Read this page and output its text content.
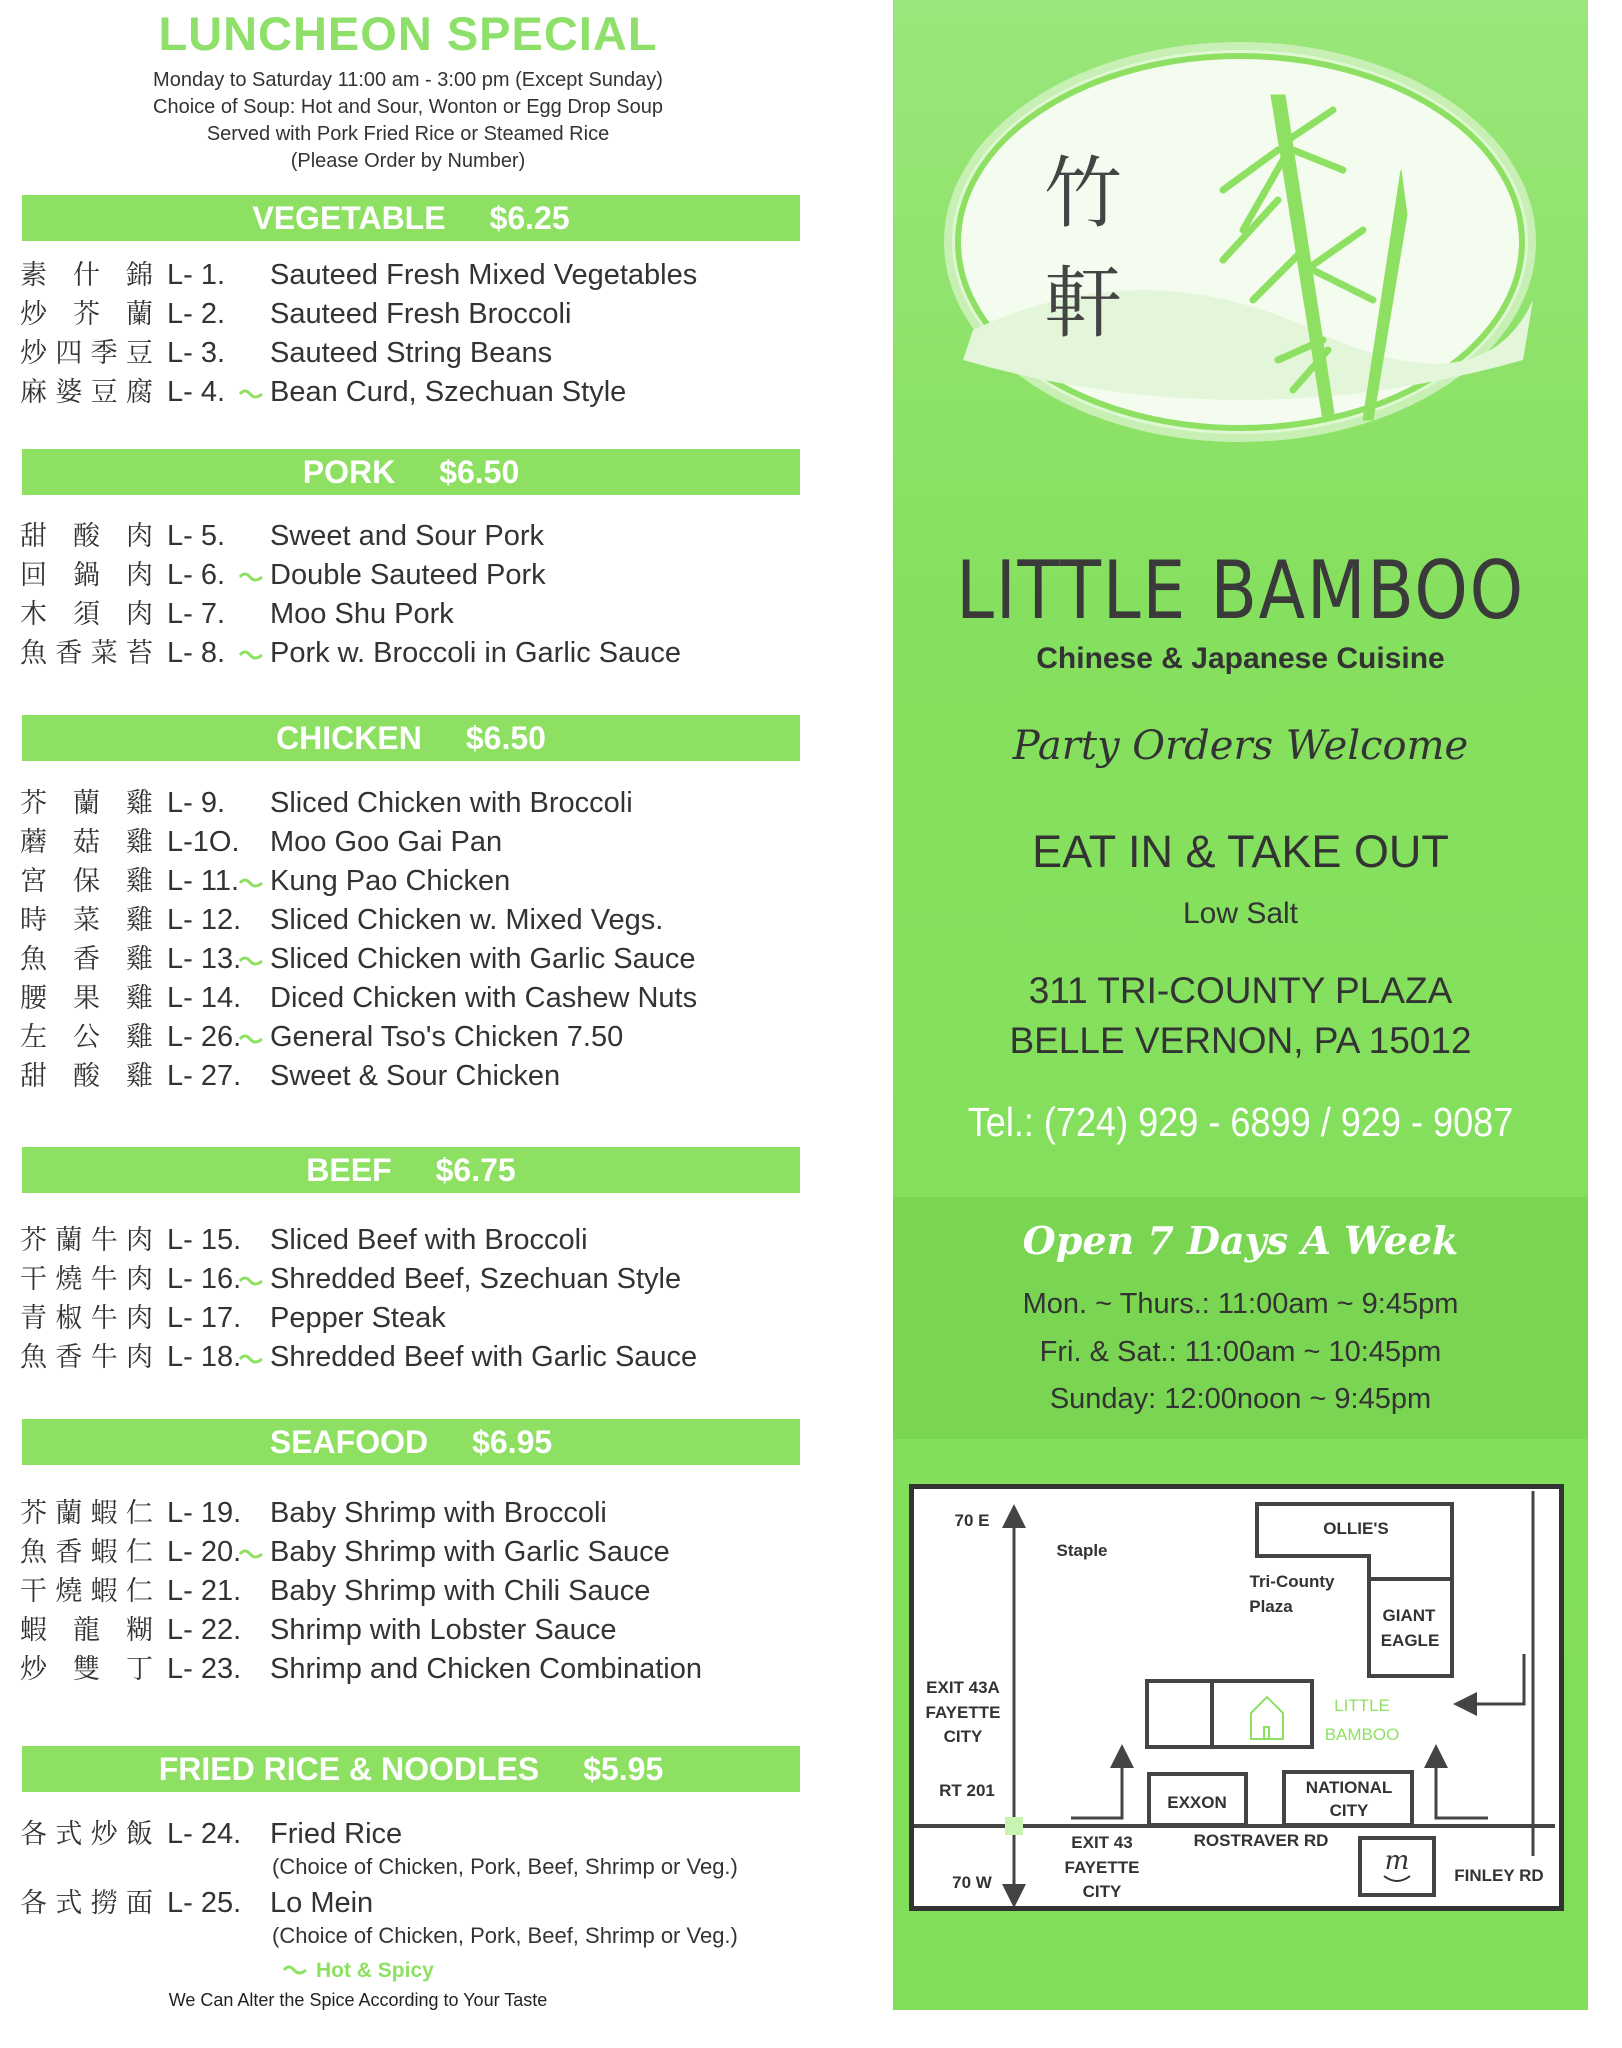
LUNCHEON SPECIAL
Monday to Saturday 11:00 am - 3:00 pm (Except Sunday)
Choice of Soup: Hot and Sour, Wonton or Egg Drop Soup
Served with Pork Fried Rice or Steamed Rice
(Please Order by Number)
VEGETABLE $6.25
素什錦 L- 1. Sauteed Fresh Mixed Vegetables
炒芥蘭 L- 2. Sauteed Fresh Broccoli
炒四季豆 L- 3. Sauteed String Beans
麻婆豆腐 L- 4. Bean Curd, Szechuan Style
PORK $6.50
甜酸肉 L- 5. Sweet and Sour Pork
回鍋肉 L- 6. Double Sauteed Pork
木須肉 L- 7. Moo Shu Pork
魚香菜苔 L- 8. Pork w. Broccoli in Garlic Sauce
CHICKEN $6.50
芥蘭雞 L- 9. Sliced Chicken with Broccoli
蘑菇雞 L-1O. Moo Goo Gai Pan
宮保雞 L- 11. Kung Pao Chicken
時菜雞 L- 12. Sliced Chicken w. Mixed Vegs.
魚香雞 L- 13. Sliced Chicken with Garlic Sauce
腰果雞 L- 14. Diced Chicken with Cashew Nuts
左公雞 L- 26. General Tso's Chicken 7.50
甜酸雞 L- 27. Sweet & Sour Chicken
BEEF $6.75
芥蘭牛肉 L- 15. Sliced Beef with Broccoli
干燒牛肉 L- 16. Shredded Beef, Szechuan Style
青椒牛肉 L- 17. Pepper Steak
魚香牛肉 L- 18. Shredded Beef with Garlic Sauce
SEAFOOD $6.95
芥蘭蝦仁 L- 19. Baby Shrimp with Broccoli
魚香蝦仁 L- 20. Baby Shrimp with Garlic Sauce
干燒蝦仁 L- 21. Baby Shrimp with Chili Sauce
蝦龍糊 L- 22. Shrimp with Lobster Sauce
炒雙丁 L- 23. Shrimp and Chicken Combination
FRIED RICE & NOODLES $5.95
各式炒飯 L- 24. Fried Rice
(Choice of Chicken, Pork, Beef, Shrimp or Veg.)
各式撈面 L- 25. Lo Mein
(Choice of Chicken, Pork, Beef, Shrimp or Veg.)
Hot & Spicy
We Can Alter the Spice According to Your Taste
竹
軒
LITTLE BAMBOO
Chinese & Japanese Cuisine
Party Orders Welcome
EAT IN & TAKE OUT
Low Salt
311 TRI-COUNTY PLAZA
BELLE VERNON, PA 15012
Tel.: (724) 929 - 6899 / 929 - 9087
Open 7 Days A Week
Mon. ~ Thurs.: 11:00am ~ 9:45pm
Fri. & Sat.: 11:00am ~ 10:45pm
Sunday: 12:00noon ~ 9:45pm
70 E
Staple
OLLIE'S
Tri-County
Plaza	GIANT
EAGLE
EXIT 43A
FAYETTE
CITY
RT 201
LITTLE
BAMBOO
EXXON
NATIONAL
CITY
EXIT 43
FAYETTE
CITY
ROSTRAVER RD
70 W	FINLEY RD
m
